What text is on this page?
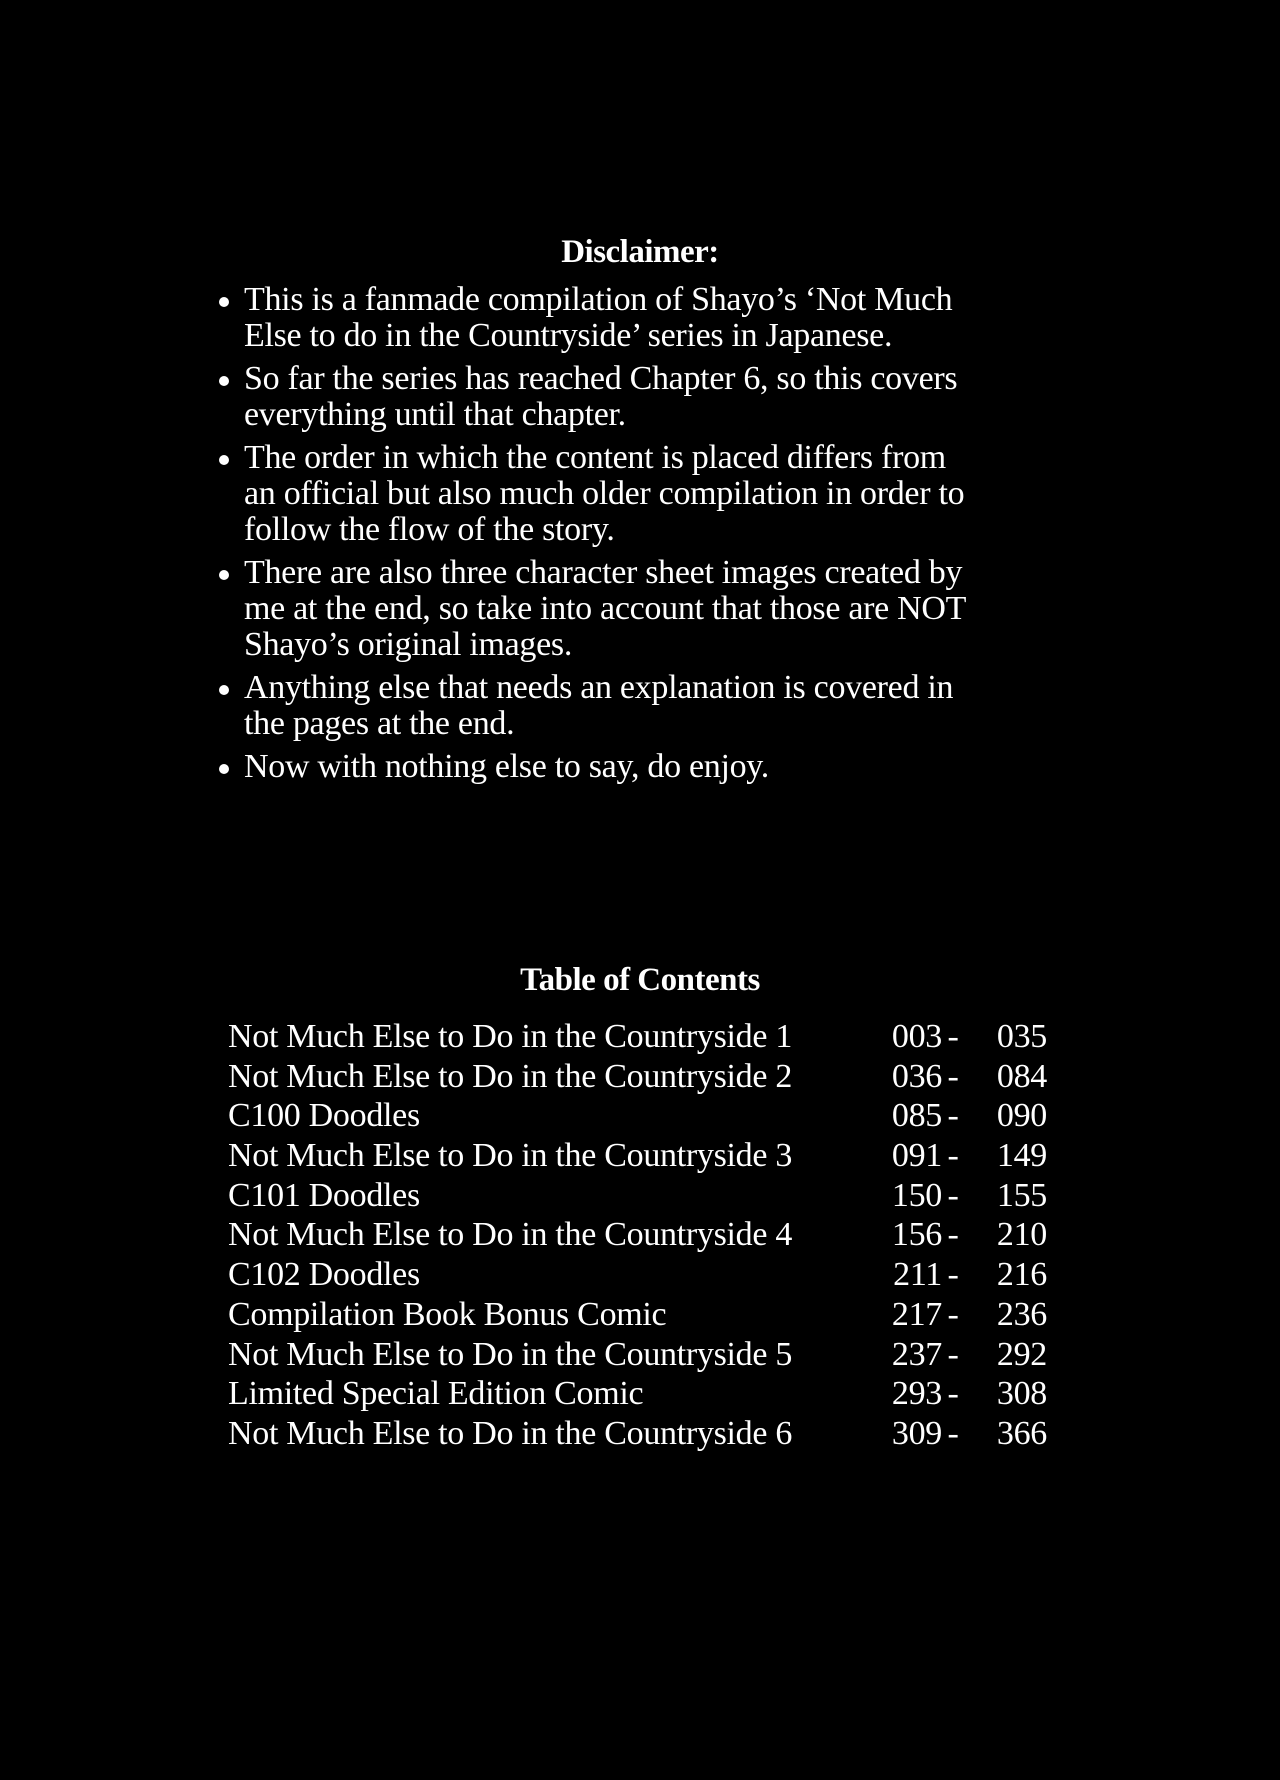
Disclaimer:
This is a fanmade compilation of Shayo’s ‘Not Much
Else to do in the Countryside’ series in Japanese.
So far the series has reached Chapter 6, so this covers
everything until that chapter.
The order in which the content is placed differs from
an official but also much older compilation in order to
follow the flow of the story.
There are also three character sheet images created by
me at the end, so take into account that those are NOT
Shayo’s original images.
Anything else that needs an explanation is covered in
the pages at the end.
Now with nothing else to say, do enjoy.
Table of Contents
Not Much Else to Do in the Countryside 1	003 -	035
Not Much Else to Do in the Countryside 2	036 -	084
C100 Doodles	085 -	090
Not Much Else to Do in the Countryside 3	091 -	149
C101 Doodles	150 -	155
Not Much Else to Do in the Countryside 4	156 -	210
C102 Doodles	211 -	216
Compilation Book Bonus Comic	217 -	236
Not Much Else to Do in the Countryside 5	237 -	292
Limited Special Edition Comic	293 -	308
Not Much Else to Do in the Countryside 6	309 -	366
